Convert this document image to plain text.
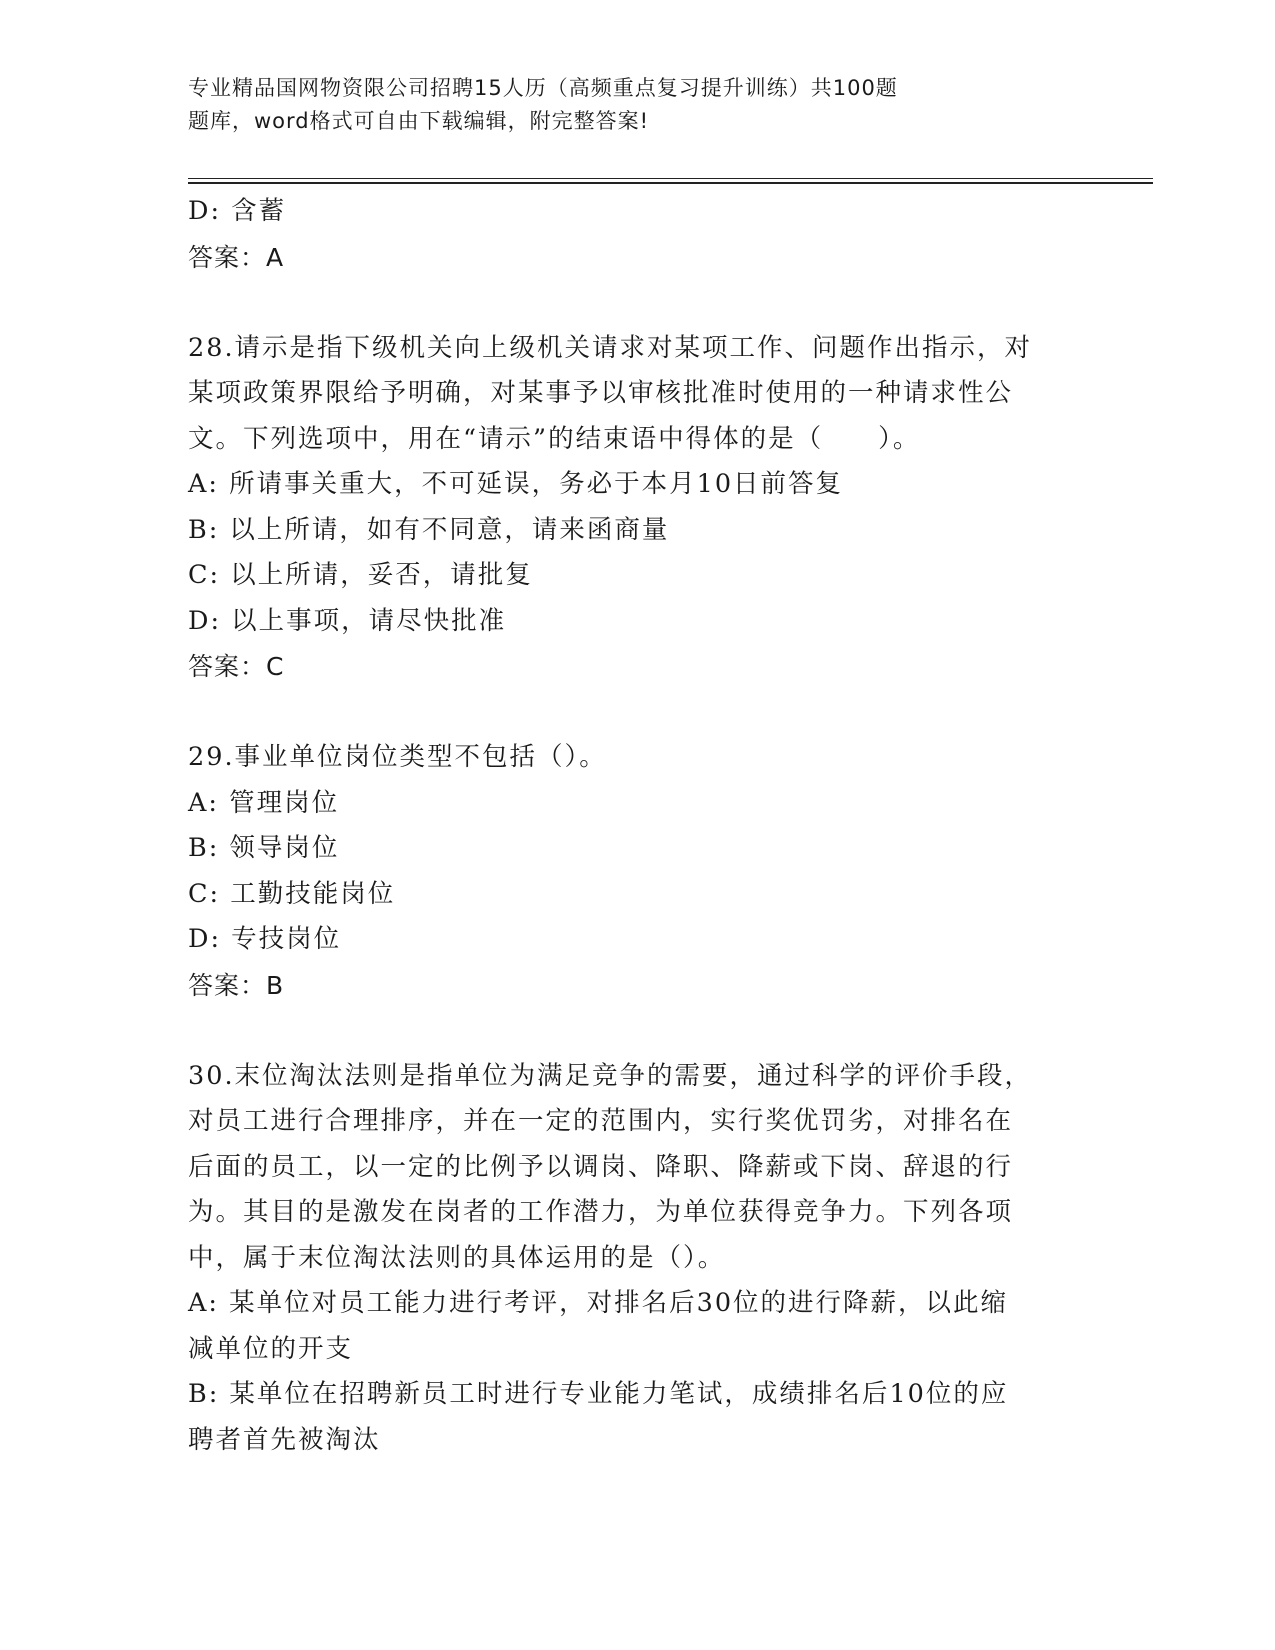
专业精品国网物资限公司招聘15人历（高频重点复习提升训练）共100题
题库，word格式可自由下载编辑，附完整答案!
D: 含蓄
答案：A
28.请示是指下级机关向上级机关请求对某项工作、问题作出指示，对
某项政策界限给予明确，对某事予以审核批准时使用的一种请求性公
文。下列选项中，用在“请示”的结束语中得体的是（　　）。
A: 所请事关重大，不可延误，务必于本月10日前答复
B: 以上所请，如有不同意，请来函商量
C: 以上所请，妥否，请批复
D: 以上事项，请尽快批准
答案：C
29.事业单位岗位类型不包括（）。
A: 管理岗位
B: 领导岗位
C: 工勤技能岗位
D: 专技岗位
答案：B
30.末位淘汰法则是指单位为满足竞争的需要，通过科学的评价手段，
对员工进行合理排序，并在一定的范围内，实行奖优罚劣，对排名在
后面的员工，以一定的比例予以调岗、降职、降薪或下岗、辞退的行
为。其目的是激发在岗者的工作潜力，为单位获得竞争力。下列各项
中，属于末位淘汰法则的具体运用的是（）。
A: 某单位对员工能力进行考评，对排名后30位的进行降薪，以此缩
减单位的开支
B: 某单位在招聘新员工时进行专业能力笔试，成绩排名后10位的应
聘者首先被淘汰
